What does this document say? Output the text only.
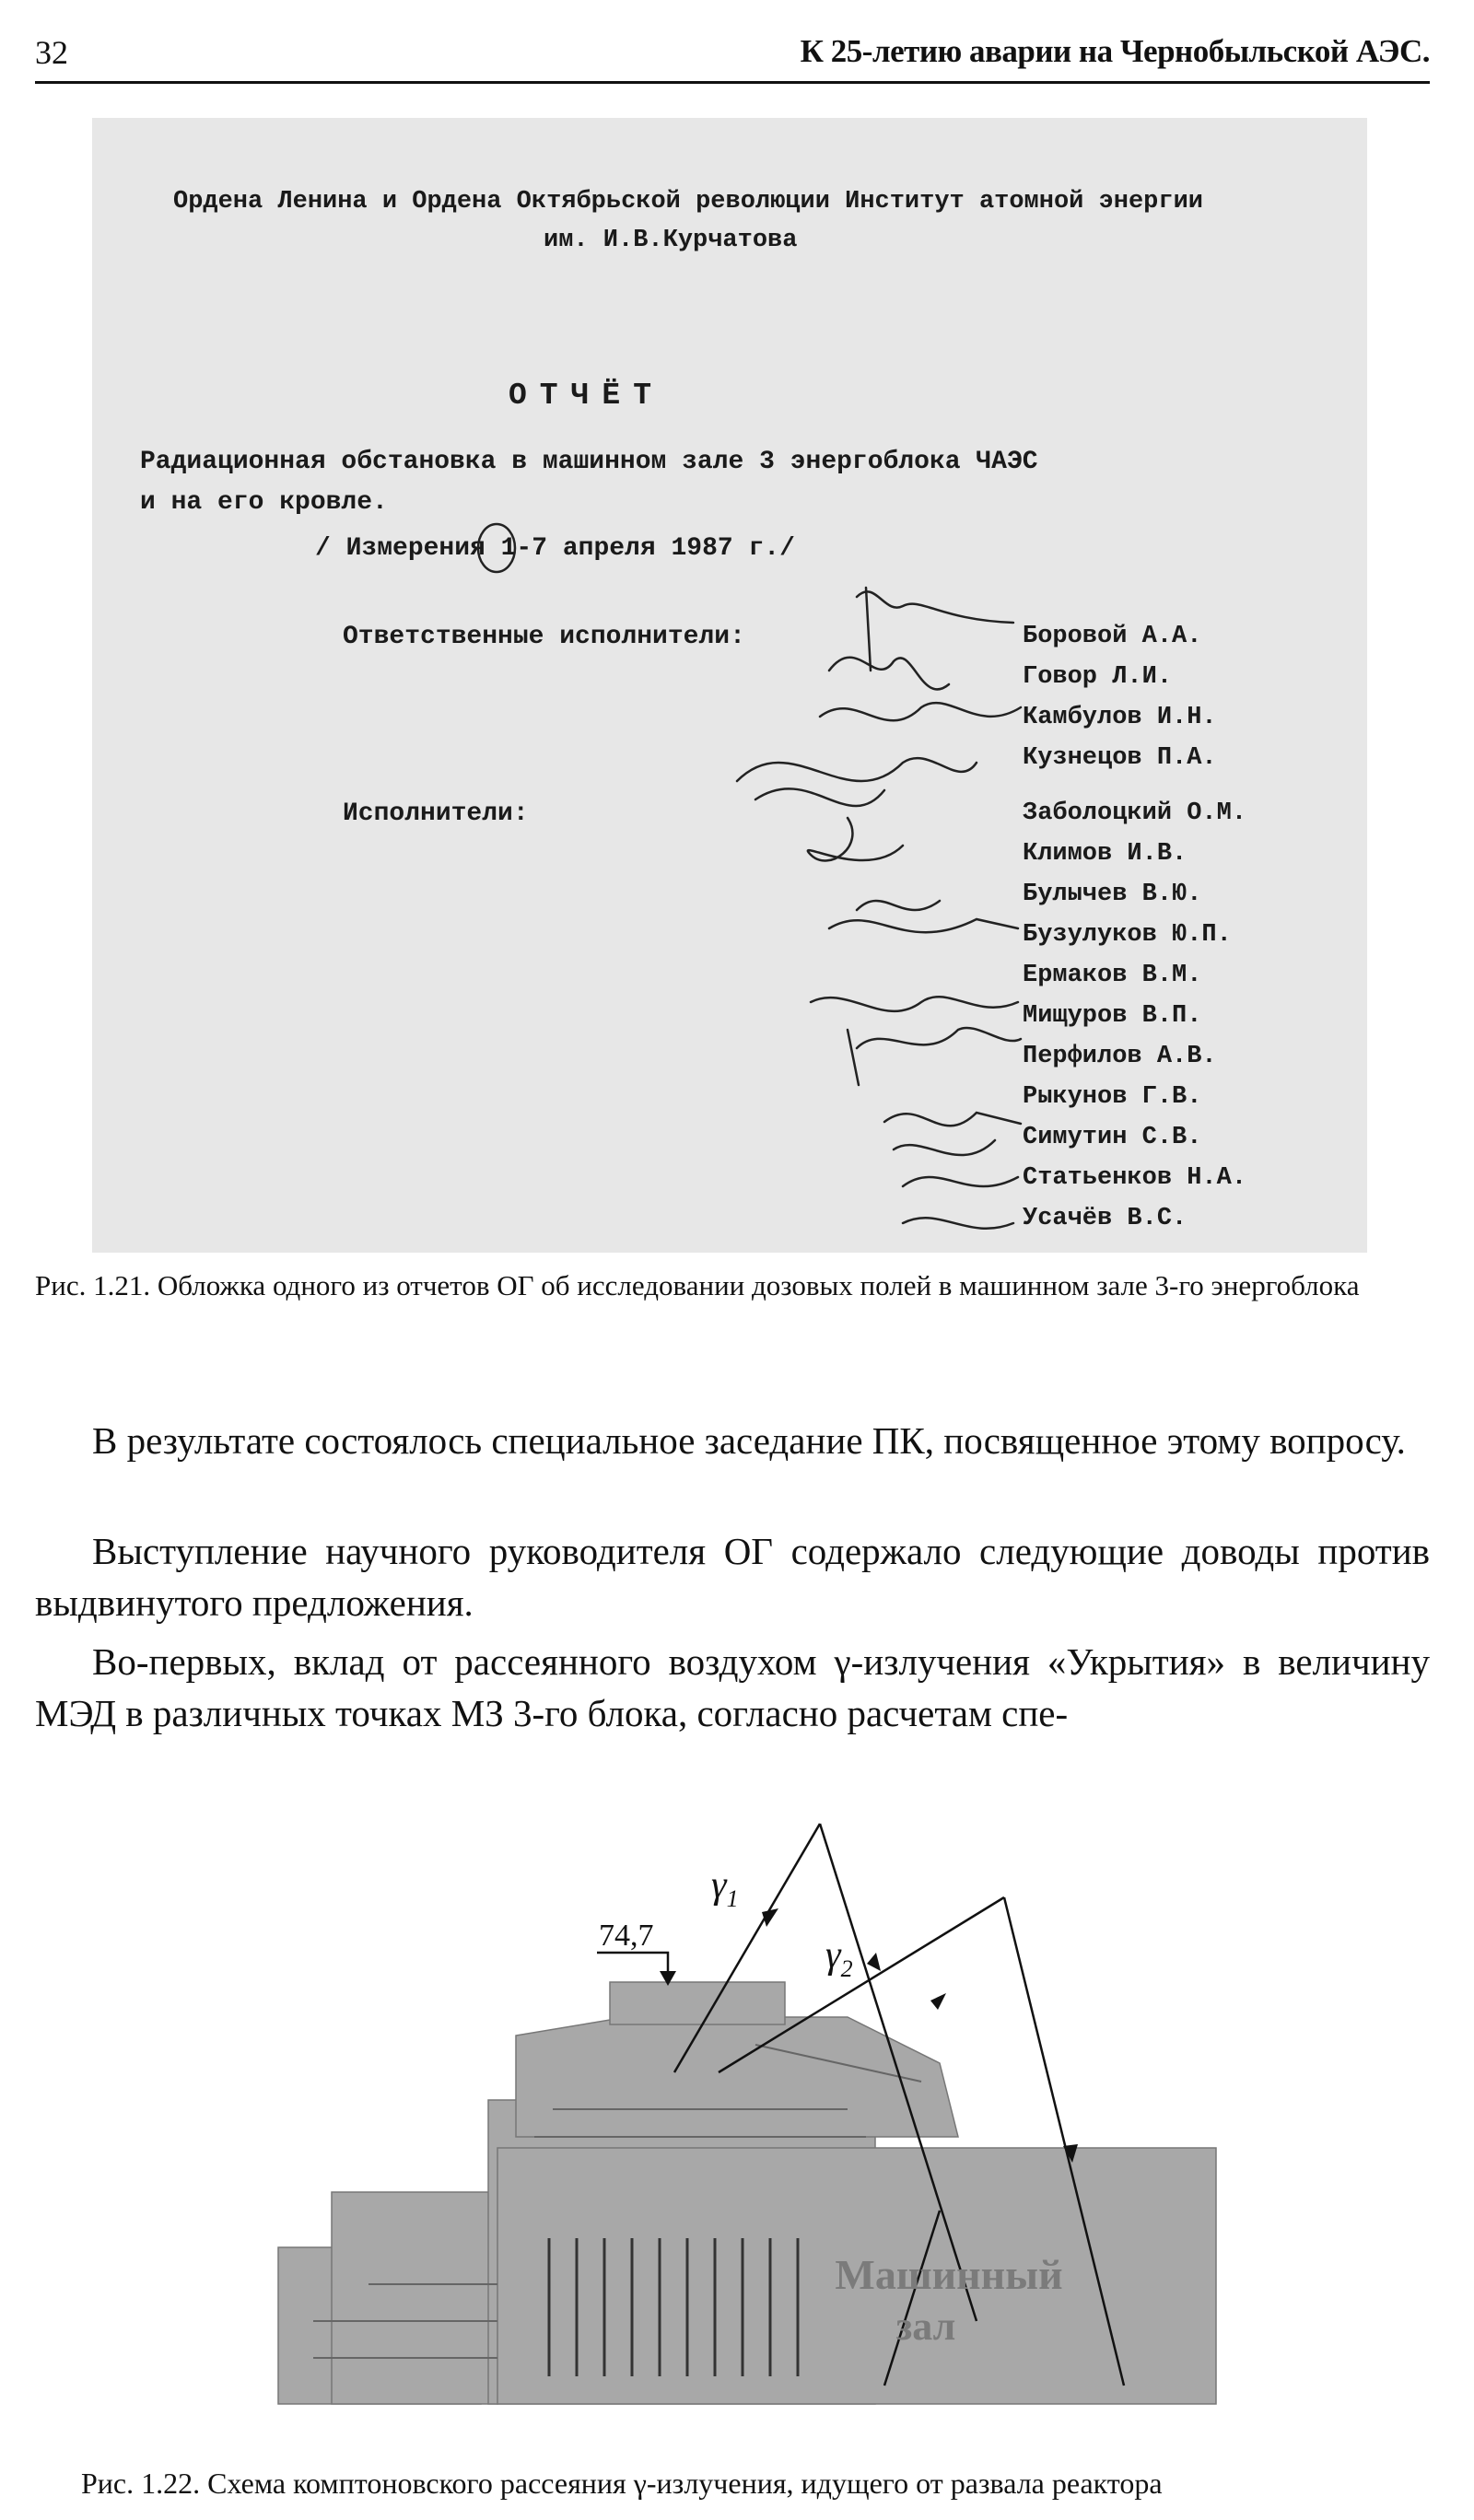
32	К 25-летию аварии на Чернобыльской АЭС.
Ордена Ленина и Ордена Октябрьской революции Институт атомной энергии
им. И.В.Курчатова
ОТЧЁТ
Радиационная обстановка в машинном зале 3 энергоблока ЧАЭС
и на его кровле.
/ Измерения 1-7 апреля 1987 г./
Ответственные исполнители:
Исполнители:
Боровой А.А.
Говор Л.И.
Камбулов И.Н.
Кузнецов П.А.
Заболоцкий О.М.
Климов И.В.
Булычев В.Ю.
Бузулуков Ю.П.
Ермаков В.М.
Мищуров В.П.
Перфилов А.В.
Рыкунов Г.В.
Симутин С.В.
Статьенков Н.А.
Усачёв В.С.
Рис. 1.21. Обложка одного из отчетов ОГ об исследовании дозовых полей в машинном зале 3-го энергоблока
В результате состоялось специальное заседание ПК, посвященное этому вопросу.
Выступление научного руководителя ОГ содержало следующие доводы против выдвинутого предложения.
Во-первых, вклад от рассеянного воздухом γ-излучения «Укрытия» в величину МЭД в различных точках МЗ 3-го блока, согласно расчетам спе-
74,7
$\gamma_1$
$\gamma_2$
Машинный
зал
Рис. 1.22. Схема комптоновского рассеяния γ-излучения, идущего от развала реактора
